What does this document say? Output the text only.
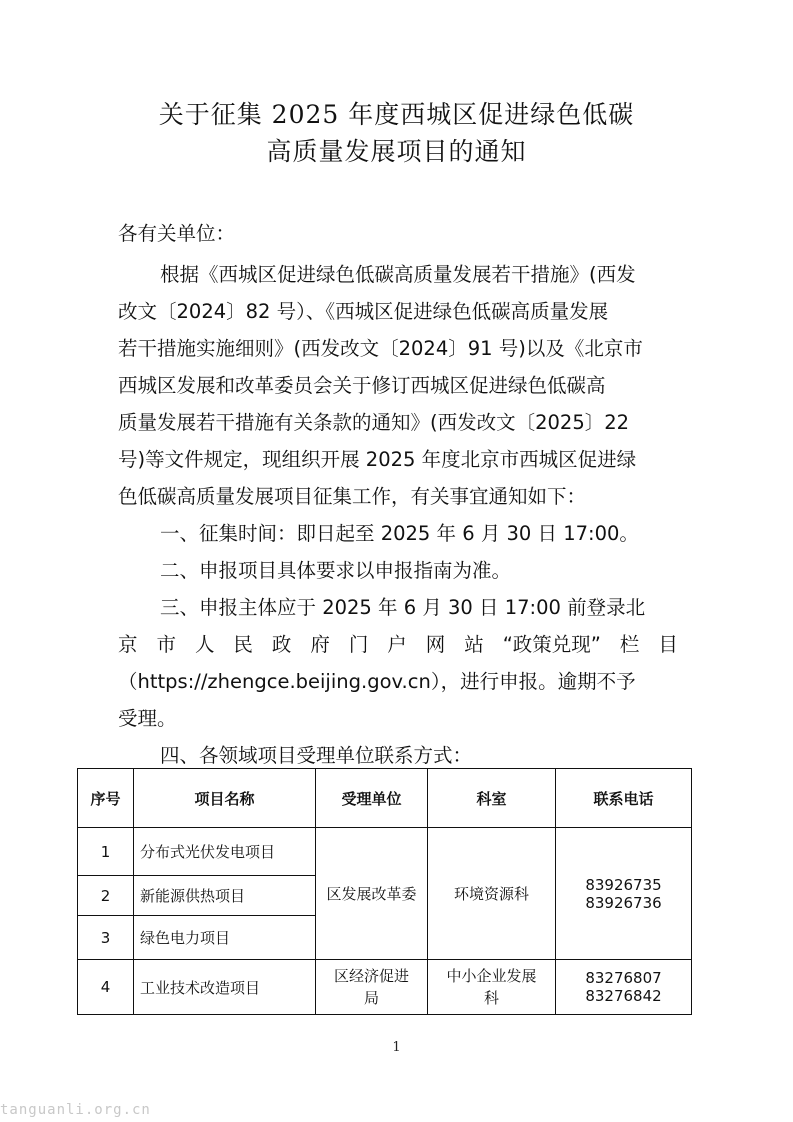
关于征集 2025 年度西城区促进绿色低碳
高质量发展项目的通知
各有关单位：
根据《西城区促进绿色低碳高质量发展若干措施》(西发
改文〔2024〕82 号）、《西城区促进绿色低碳高质量发展
若干措施实施细则》(西发改文〔2024〕91 号)以及《北京市
西城区发展和改革委员会关于修订西城区促进绿色低碳高
质量发展若干措施有关条款的通知》(西发改文〔2025〕22
号)等文件规定，现组织开展 2025 年度北京市西城区促进绿
色低碳高质量发展项目征集工作，有关事宜通知如下：
一、征集时间：即日起至 2025 年 6 月 30 日 17:00。
二、申报项目具体要求以申报指南为准。
三、申报主体应于 2025 年 6 月 30 日 17:00 前登录北
京 市 人 民 政 府 门 户 网 站 “政策兑现” 栏 目
（https://zhengce.beijing.gov.cn），进行申报。逾期不予
受理。
四、各领域项目受理单位联系方式：
序号	项目名称	受理单位	科室	联系电话
1	分布式光伏发电项目	区发展改革委	环境资源科	83926735
83926736

2	新能源供热项目			
3	绿色电力项目			
4	工业技术改造项目	区经济促进局	中小企业发展科	83276807
83276842
1
tanguanli.org.cn
